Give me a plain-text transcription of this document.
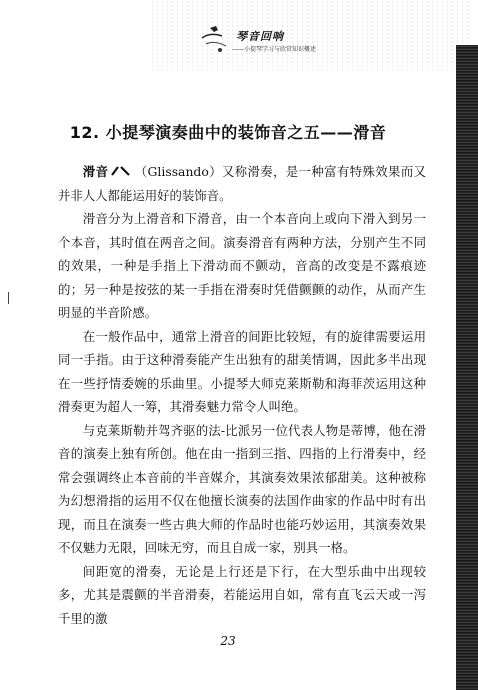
琴音回响
——小提琴学习与欣赏知识概述
12. 小提琴演奏曲中的装饰音之五——滑音

滑音 （Glissando）又称滑奏，是一种富有特殊效果而又并非人人都能运用好的装饰音。

滑音分为上滑音和下滑音，由一个本音向上或向下滑入到另一个本音，其时值在两音之间。演奏滑音有两种方法，分别产生不同的效果，一种是手指上下滑动而不颤动，音高的改变是不露痕迹的；另一种是按弦的某一手指在滑奏时凭借颤颤的动作，从而产生明显的半音阶感。

在一般作品中，通常上滑音的间距比较短，有的旋律需要运用同一手指。由于这种滑奏能产生出独有的甜美情调，因此多半出现在一些抒情委婉的乐曲里。小提琴大师克莱斯勒和海菲茨运用这种滑奏更为超人一筹，其滑奏魅力常令人叫绝。

与克莱斯勒并驾齐驱的法-比派另一位代表人物是蒂博，他在滑音的演奏上独有所创。他在由一指到三指、四指的上行滑奏中，经常会强调终止本音前的半音媒介，其演奏效果浓郁甜美。这种被称为幻想滑指的运用不仅在他擅长演奏的法国作曲家的作品中时有出现，而且在演奏一些古典大师的作品时也能巧妙运用，其演奏效果不仅魅力无限，回味无穷，而且自成一家，别具一格。

间距宽的滑奏，无论是上行还是下行，在大型乐曲中出现较多，尤其是震颤的半音滑奏，若能运用自如，常有直飞云天或一泻千里的激

23
